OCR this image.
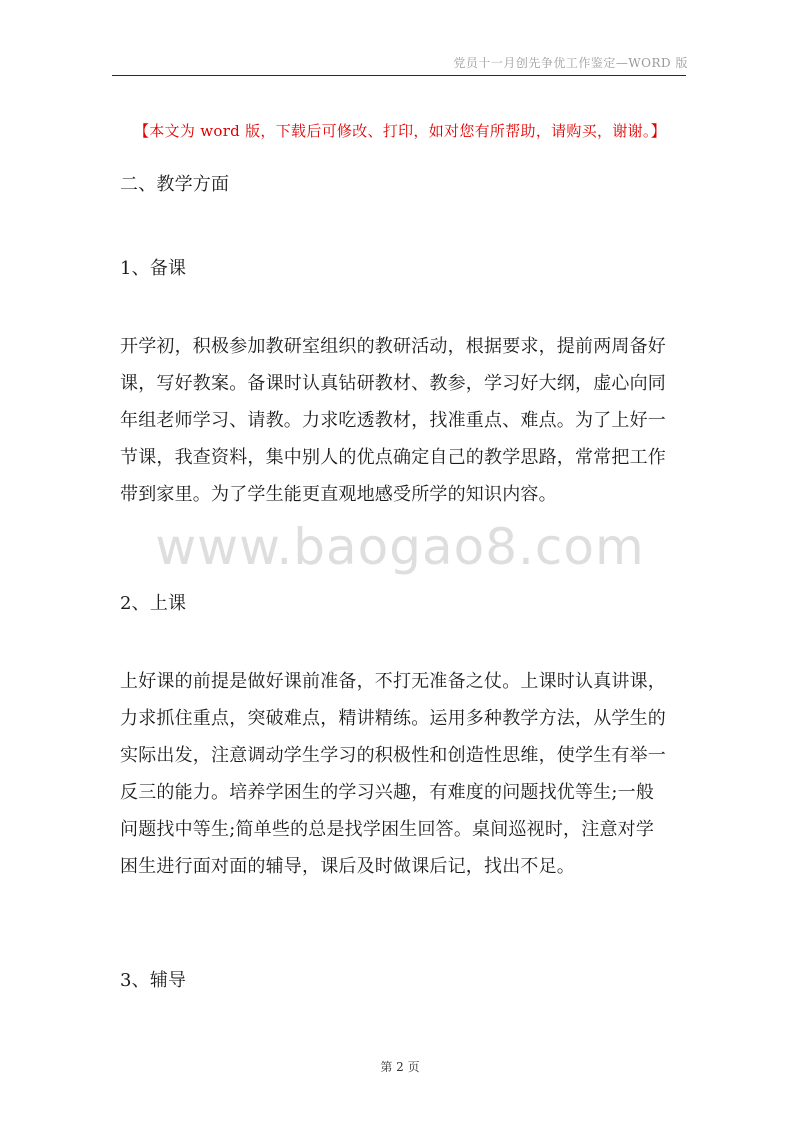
党员十一月创先争优工作鉴定—WORD 版
【本文为 word 版，下载后可修改、打印，如对您有所帮助，请购买，谢谢。】
二、教学方面
1、备课

开学初，积极参加教研室组织的教研活动，根据要求，提前两周备好

课，写好教案。备课时认真钻研教材、教参，学习好大纲，虚心向同

年组老师学习、请教。力求吃透教材，找准重点、难点。为了上好一

节课，我查资料，集中别人的优点确定自己的教学思路，常常把工作

带到家里。为了学生能更直观地感受所学的知识内容。

www.baogao8.com
2、上课

上好课的前提是做好课前准备，不打无准备之仗。上课时认真讲课，

力求抓住重点，突破难点，精讲精练。运用多种教学方法，从学生的

实际出发，注意调动学生学习的积极性和创造性思维，使学生有举一

反三的能力。培养学困生的学习兴趣，有难度的问题找优等生;一般

问题找中等生;简单些的总是找学困生回答。桌间巡视时，注意对学

困生进行面对面的辅导，课后及时做课后记，找出不足。

3、辅导
第 2 页
